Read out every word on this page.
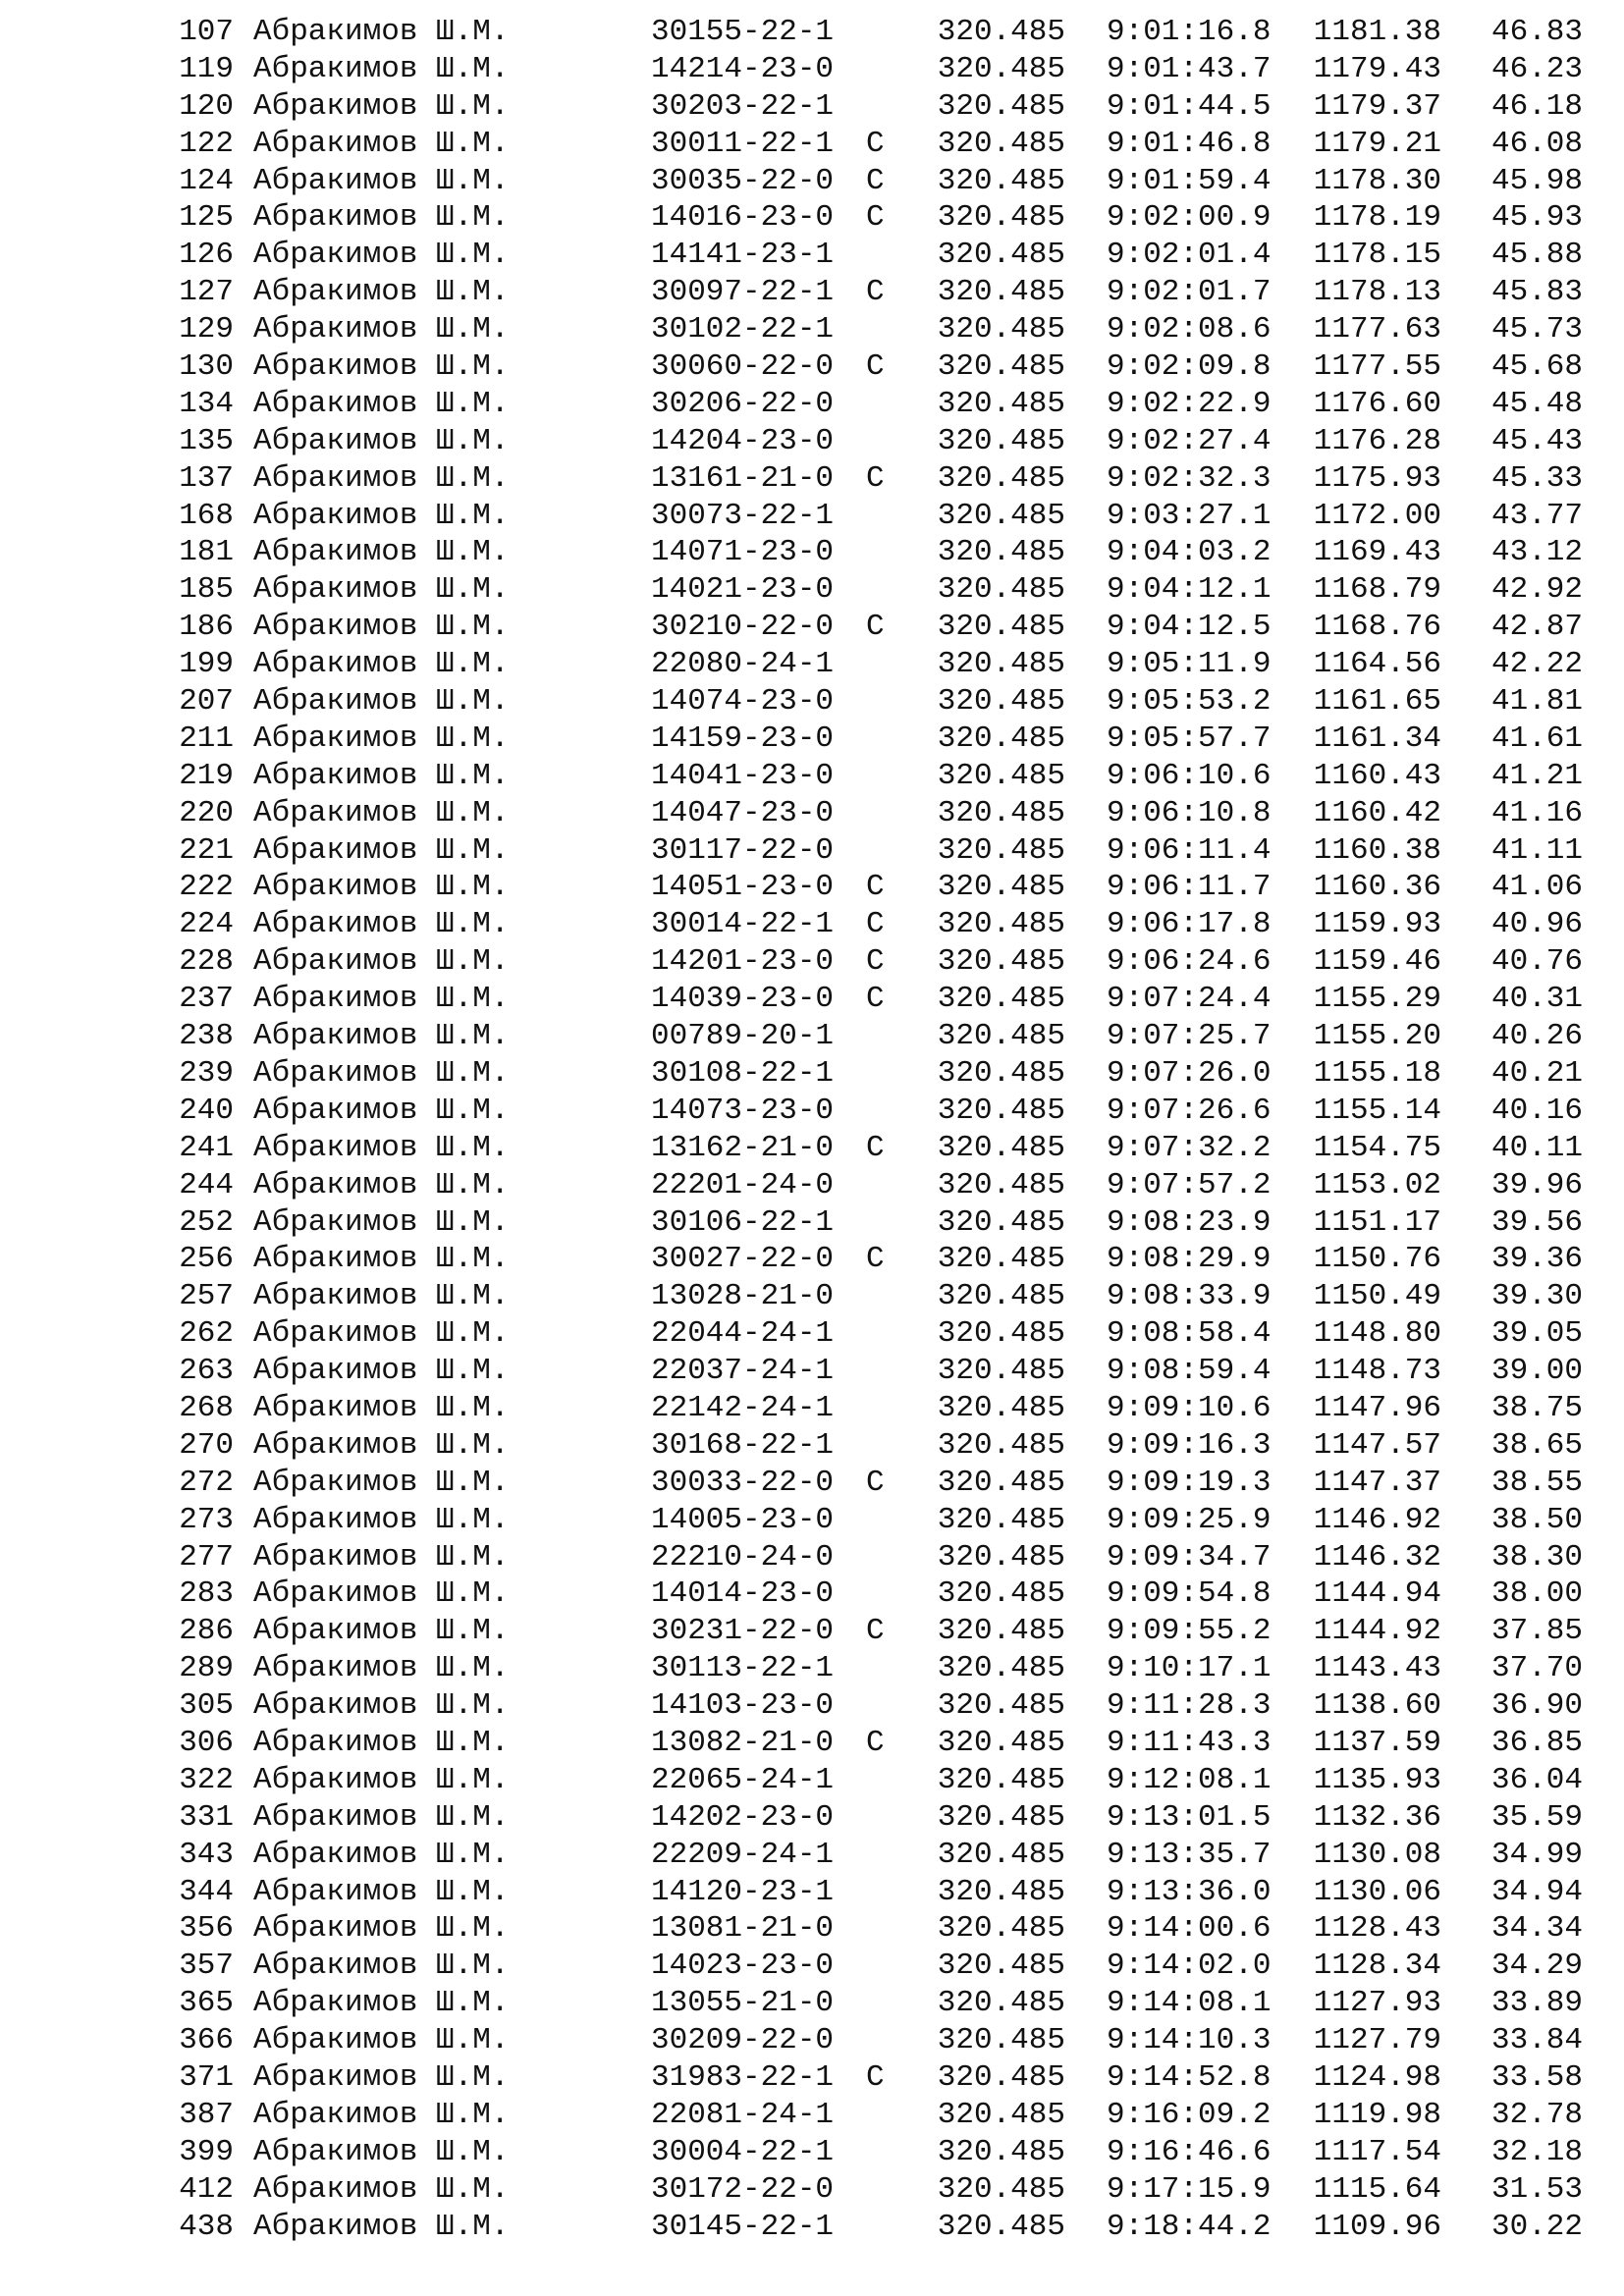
107 Абракимов Ш.М.	30155-22-1	320.485 9:01:16.8	1181.38	46.83
119 Абракимов Ш.М.	14214-23-0	320.485 9:01:43.7	1179.43	46.23
120 Абракимов Ш.М.	30203-22-1	320.485 9:01:44.5	1179.37	46.18
122 Абракимов Ш.М.	30011-22-1 С	320.485 9:01:46.8	1179.21	46.08
124 Абракимов Ш.М.	30035-22-0 С	320.485 9:01:59.4	1178.30	45.98
125 Абракимов Ш.М.	14016-23-0 С	320.485 9:02:00.9	1178.19	45.93
126 Абракимов Ш.М.	14141-23-1	320.485 9:02:01.4	1178.15	45.88
127 Абракимов Ш.М.	30097-22-1 С	320.485 9:02:01.7	1178.13	45.83
129 Абракимов Ш.М.	30102-22-1	320.485 9:02:08.6	1177.63	45.73
130 Абракимов Ш.М.	30060-22-0 С	320.485 9:02:09.8	1177.55	45.68
134 Абракимов Ш.М.	30206-22-0	320.485 9:02:22.9	1176.60	45.48
135 Абракимов Ш.М.	14204-23-0	320.485 9:02:27.4	1176.28	45.43
137 Абракимов Ш.М.	13161-21-0 С	320.485 9:02:32.3	1175.93	45.33
168 Абракимов Ш.М.	30073-22-1	320.485 9:03:27.1	1172.00	43.77
181 Абракимов Ш.М.	14071-23-0	320.485 9:04:03.2	1169.43	43.12
185 Абракимов Ш.М.	14021-23-0	320.485 9:04:12.1	1168.79	42.92
186 Абракимов Ш.М.	30210-22-0 С	320.485 9:04:12.5	1168.76	42.87
199 Абракимов Ш.М.	22080-24-1	320.485 9:05:11.9	1164.56	42.22
207 Абракимов Ш.М.	14074-23-0	320.485 9:05:53.2	1161.65	41.81
211 Абракимов Ш.М.	14159-23-0	320.485 9:05:57.7	1161.34	41.61
219 Абракимов Ш.М.	14041-23-0	320.485 9:06:10.6	1160.43	41.21
220 Абракимов Ш.М.	14047-23-0	320.485 9:06:10.8	1160.42	41.16
221 Абракимов Ш.М.	30117-22-0	320.485 9:06:11.4	1160.38	41.11
222 Абракимов Ш.М.	14051-23-0 С	320.485 9:06:11.7	1160.36	41.06
224 Абракимов Ш.М.	30014-22-1 С	320.485 9:06:17.8	1159.93	40.96
228 Абракимов Ш.М.	14201-23-0 С	320.485 9:06:24.6	1159.46	40.76
237 Абракимов Ш.М.	14039-23-0 С	320.485 9:07:24.4	1155.29	40.31
238 Абракимов Ш.М.	00789-20-1	320.485 9:07:25.7	1155.20	40.26
239 Абракимов Ш.М.	30108-22-1	320.485 9:07:26.0	1155.18	40.21
240 Абракимов Ш.М.	14073-23-0	320.485 9:07:26.6	1155.14	40.16
241 Абракимов Ш.М.	13162-21-0 С	320.485 9:07:32.2	1154.75	40.11
244 Абракимов Ш.М.	22201-24-0	320.485 9:07:57.2	1153.02	39.96
252 Абракимов Ш.М.	30106-22-1	320.485 9:08:23.9	1151.17	39.56
256 Абракимов Ш.М.	30027-22-0 С	320.485 9:08:29.9	1150.76	39.36
257 Абракимов Ш.М.	13028-21-0	320.485 9:08:33.9	1150.49	39.30
262 Абракимов Ш.М.	22044-24-1	320.485 9:08:58.4	1148.80	39.05
263 Абракимов Ш.М.	22037-24-1	320.485 9:08:59.4	1148.73	39.00
268 Абракимов Ш.М.	22142-24-1	320.485 9:09:10.6	1147.96	38.75
270 Абракимов Ш.М.	30168-22-1	320.485 9:09:16.3	1147.57	38.65
272 Абракимов Ш.М.	30033-22-0 С	320.485 9:09:19.3	1147.37	38.55
273 Абракимов Ш.М.	14005-23-0	320.485 9:09:25.9	1146.92	38.50
277 Абракимов Ш.М.	22210-24-0	320.485 9:09:34.7	1146.32	38.30
283 Абракимов Ш.М.	14014-23-0	320.485 9:09:54.8	1144.94	38.00
286 Абракимов Ш.М.	30231-22-0 С	320.485 9:09:55.2	1144.92	37.85
289 Абракимов Ш.М.	30113-22-1	320.485 9:10:17.1	1143.43	37.70
305 Абракимов Ш.М.	14103-23-0	320.485 9:11:28.3	1138.60	36.90
306 Абракимов Ш.М.	13082-21-0 С	320.485 9:11:43.3	1137.59	36.85
322 Абракимов Ш.М.	22065-24-1	320.485 9:12:08.1	1135.93	36.04
331 Абракимов Ш.М.	14202-23-0	320.485 9:13:01.5	1132.36	35.59
343 Абракимов Ш.М.	22209-24-1	320.485 9:13:35.7	1130.08	34.99
344 Абракимов Ш.М.	14120-23-1	320.485 9:13:36.0	1130.06	34.94
356 Абракимов Ш.М.	13081-21-0	320.485 9:14:00.6	1128.43	34.34
357 Абракимов Ш.М.	14023-23-0	320.485 9:14:02.0	1128.34	34.29
365 Абракимов Ш.М.	13055-21-0	320.485 9:14:08.1	1127.93	33.89
366 Абракимов Ш.М.	30209-22-0	320.485 9:14:10.3	1127.79	33.84
371 Абракимов Ш.М.	31983-22-1 С	320.485 9:14:52.8	1124.98	33.58
387 Абракимов Ш.М.	22081-24-1	320.485 9:16:09.2	1119.98	32.78
399 Абракимов Ш.М.	30004-22-1	320.485 9:16:46.6	1117.54	32.18
412 Абракимов Ш.М.	30172-22-0	320.485 9:17:15.9	1115.64	31.53
438 Абракимов Ш.М.	30145-22-1	320.485 9:18:44.2	1109.96	30.22
